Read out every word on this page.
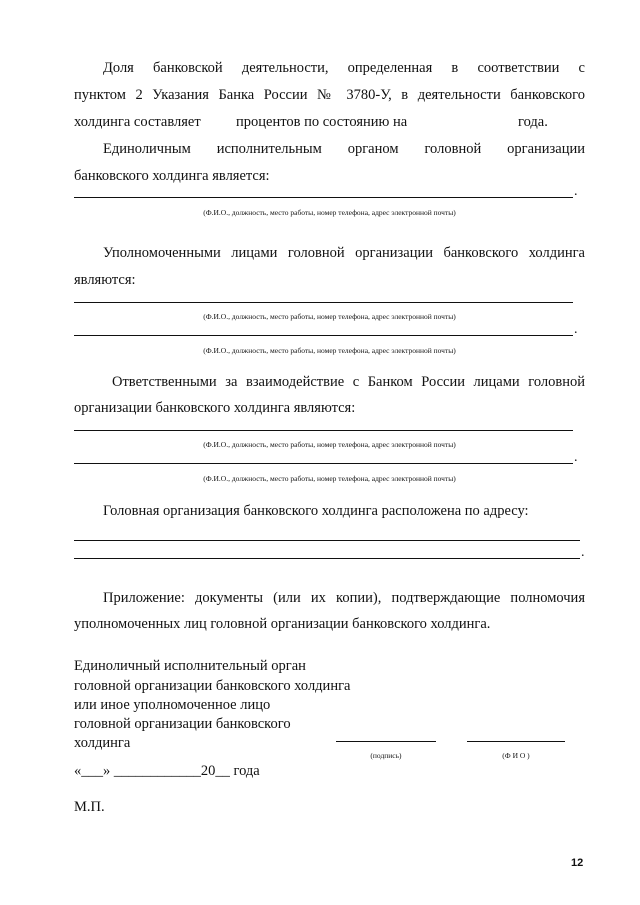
Доля банковской деятельности, определенная в соответствии с
пунктом 2 Указания Банка России № 3780-У, в деятельности банковского
холдинга составляет процентов по состоянию на	года.
Единоличным исполнительным органом головной организации
банковского холдинга является:
.
(Ф.И.О., должность, место работы, номер телефона, адрес электронной почты)
Уполномоченными лицами головной организации банковского холдинга
являются:
(Ф.И.О., должность, место работы, номер телефона, адрес электронной почты)
.
(Ф.И.О., должность, место работы, номер телефона, адрес электронной почты)
Ответственными за взаимодействие с Банком России лицами головной
организации банковского холдинга являются:
(Ф.И.О., должность, место работы, номер телефона, адрес электронной почты)
.
(Ф.И.О., должность, место работы, номер телефона, адрес электронной почты)
Головная организация банковского холдинга расположена по адресу:
.
Приложение: документы (или их копии), подтверждающие полномочия
уполномоченных лиц головной организации банковского холдинга.
Единоличный исполнительный орган
головной организации банковского холдинга
или иное уполномоченное лицо
головной организации банковского
холдинга
(подпись)	(Ф И О )
«___» ____________20__ года
М.П.
12
